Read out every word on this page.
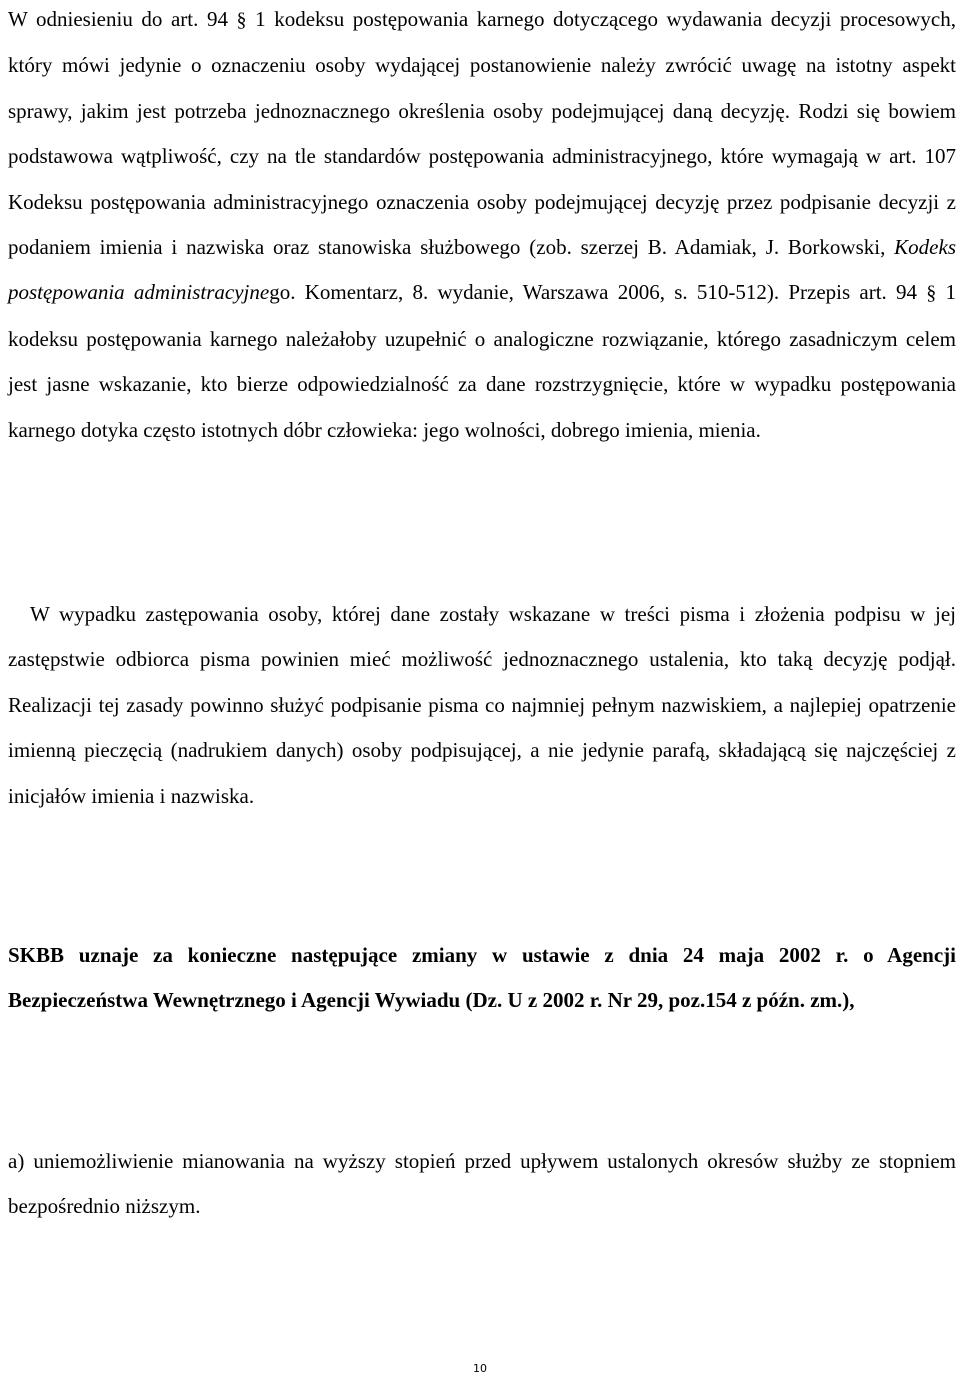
W odniesieniu do art. 94 § 1 kodeksu postępowania karnego dotyczącego wydawania decyzji procesowych, który mówi jedynie o oznaczeniu osoby wydającej postanowienie należy zwrócić uwagę na istotny aspekt sprawy, jakim jest potrzeba jednoznacznego określenia osoby podejmującej daną decyzję. Rodzi się bowiem podstawowa wątpliwość, czy na tle standardów postępowania administracyjnego, które wymagają w art. 107 Kodeksu postępowania administracyjnego oznaczenia osoby podejmującej decyzję przez podpisanie decyzji z podaniem imienia i nazwiska oraz stanowiska służbowego (zob. szerzej B. Adamiak, J. Borkowski, Kodeks postępowania administracyjnego. Komentarz, 8. wydanie, Warszawa 2006, s. 510-512). Przepis art. 94 § 1 kodeksu postępowania karnego należałoby uzupełnić o analogiczne rozwiązanie, którego zasadniczym celem jest jasne wskazanie, kto bierze odpowiedzialność za dane rozstrzygnięcie, które w wypadku postępowania karnego dotyka często istotnych dóbr człowieka: jego wolności, dobrego imienia, mienia.

W wypadku zastępowania osoby, której dane zostały wskazane w treści pisma i złożenia podpisu w jej zastępstwie odbiorca pisma powinien mieć możliwość jednoznacznego ustalenia, kto taką decyzję podjął. Realizacji tej zasady powinno służyć podpisanie pisma co najmniej pełnym nazwiskiem, a najlepiej opatrzenie imienną pieczęcią (nadrukiem danych) osoby podpisującej, a nie jedynie parafą, składającą się najczęściej z inicjałów imienia i nazwiska.

SKBB uznaje za konieczne następujące zmiany w ustawie z dnia 24 maja 2002 r. o Agencji Bezpieczeństwa Wewnętrznego i Agencji Wywiadu (Dz. U z 2002 r. Nr 29, poz.154 z późn. zm.),

a) uniemożliwienie mianowania na wyższy stopień przed upływem ustalonych okresów służby ze stopniem bezpośrednio niższym.

10
